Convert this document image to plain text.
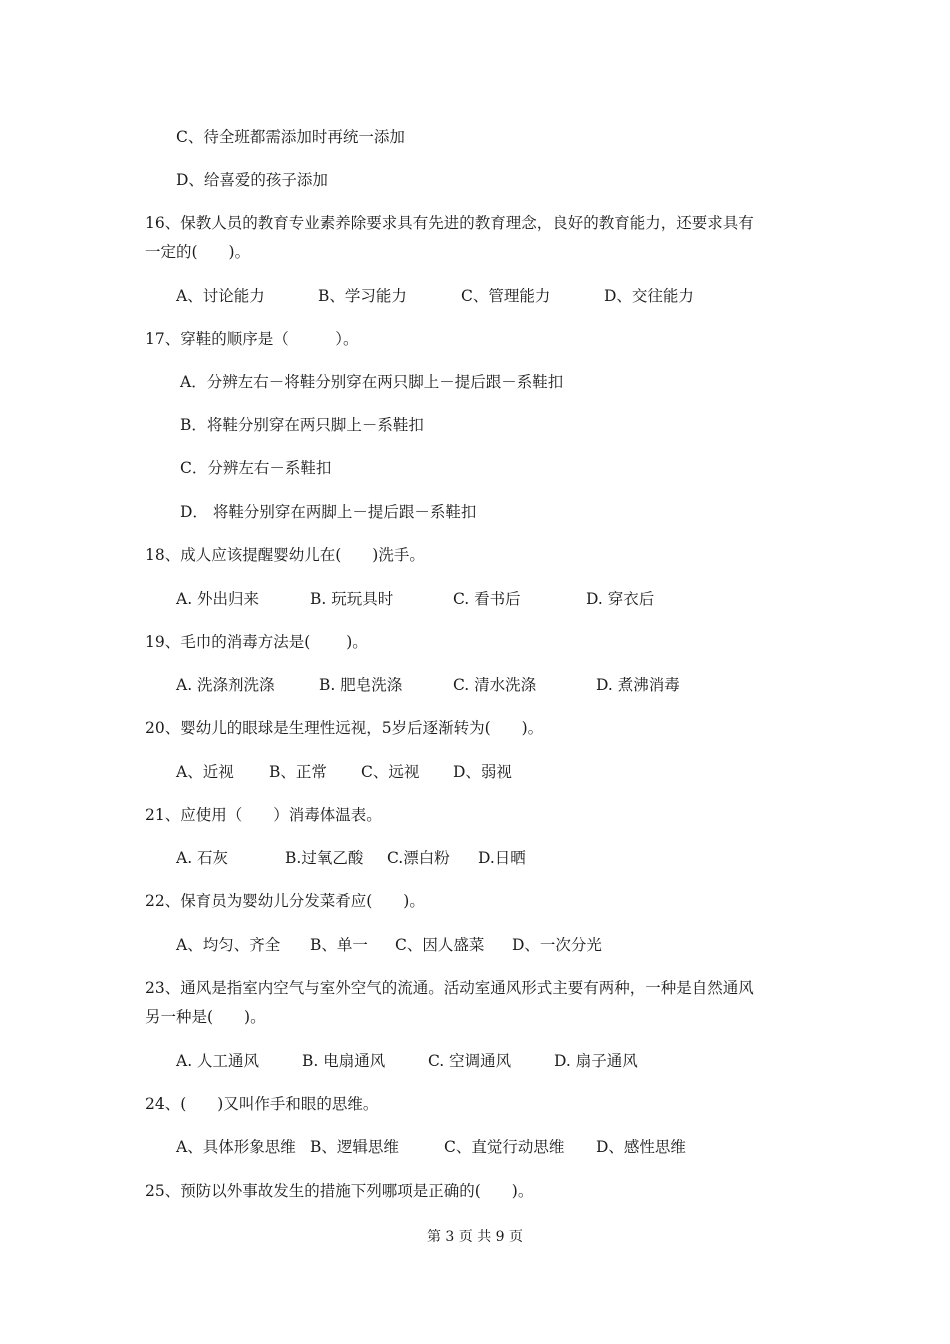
C、待全班都需添加时再统一添加
D、给喜爱的孩子添加
16、保教人员的教育专业素养除要求具有先进的教育理念，良好的教育能力，还要求具有
一定的(　　)。
A、讨论能力	B、学习能力	C、管理能力	D、交往能力
17、穿鞋的顺序是（　　　）。
A．分辨左右－将鞋分别穿在两只脚上－提后跟－系鞋扣
B．将鞋分别穿在两只脚上－系鞋扣
C．分辨左右－系鞋扣
D． 将鞋分别穿在两脚上－提后跟－系鞋扣
18、成人应该提醒婴幼儿在(　　)洗手。
A. 外出归来	B. 玩玩具时	C. 看书后	D. 穿衣后
19、毛巾的消毒方法是(　　 )。
A. 洗涤剂洗涤	B. 肥皂洗涤	C. 清水洗涤	D. 煮沸消毒
20、婴幼儿的眼球是生理性远视，5岁后逐渐转为(　　)。
A、近视 B、正常 C、远视 D、弱视
21、应使用（　　）消毒体温表。
A. 石灰	B.过氧乙酸 C.漂白粉 D.日晒
22、保育员为婴幼儿分发菜肴应(　　)。
A、均匀、齐全 B、单一 C、因人盛菜 D、一次分光
23、通风是指室内空气与室外空气的流通。活动室通风形式主要有两种，一种是自然通风
另一种是(　　)。
A. 人工通风	B. 电扇通风	C. 空调通风	D. 扇子通风
24、(　　)又叫作手和眼的思维。
A、具体形象思维 B、逻辑思维	C、直觉行动思维 D、感性思维
25、预防以外事故发生的措施下列哪项是正确的(　　)。
第 3 页 共 9 页
